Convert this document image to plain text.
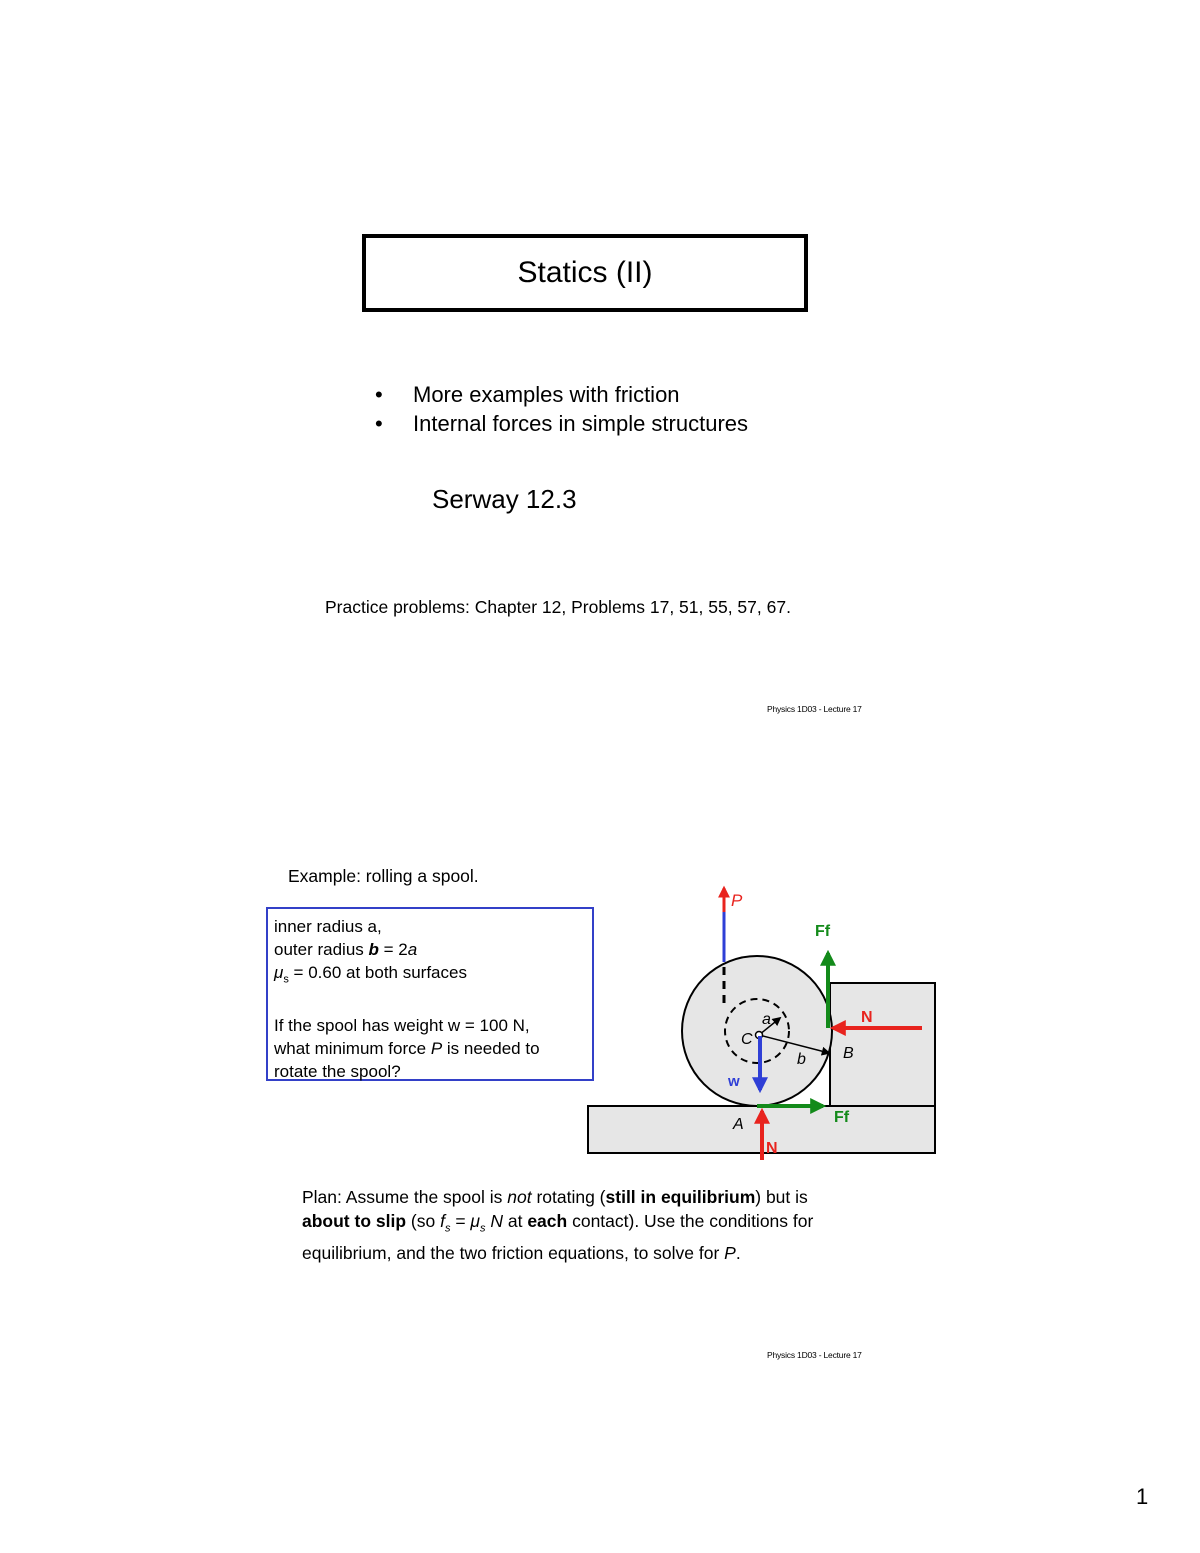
Statics (II)
•	More examples with friction
•	Internal forces in simple structures
Serway 12.3
Practice problems: Chapter 12, Problems 17, 51, 55, 57, 67.
Physics 1D03 - Lecture 17
Example: rolling a spool.
inner radius a,
outer radius b = 2a
$\mu_s = 0.60$ at both surfaces
If the spool has weight w = 100 N,
what minimum force P is needed to
rotate the spool?
P
Ff
N
a
C
b B
w
A	Ff
N
Plan: Assume the spool is not rotating (still in equilibrium) but is
about to slip (so $f_s = \mu_s$ N at each contact). Use the conditions for
equilibrium, and the two friction equations, to solve for P.
Physics 1D03 - Lecture 17
1
